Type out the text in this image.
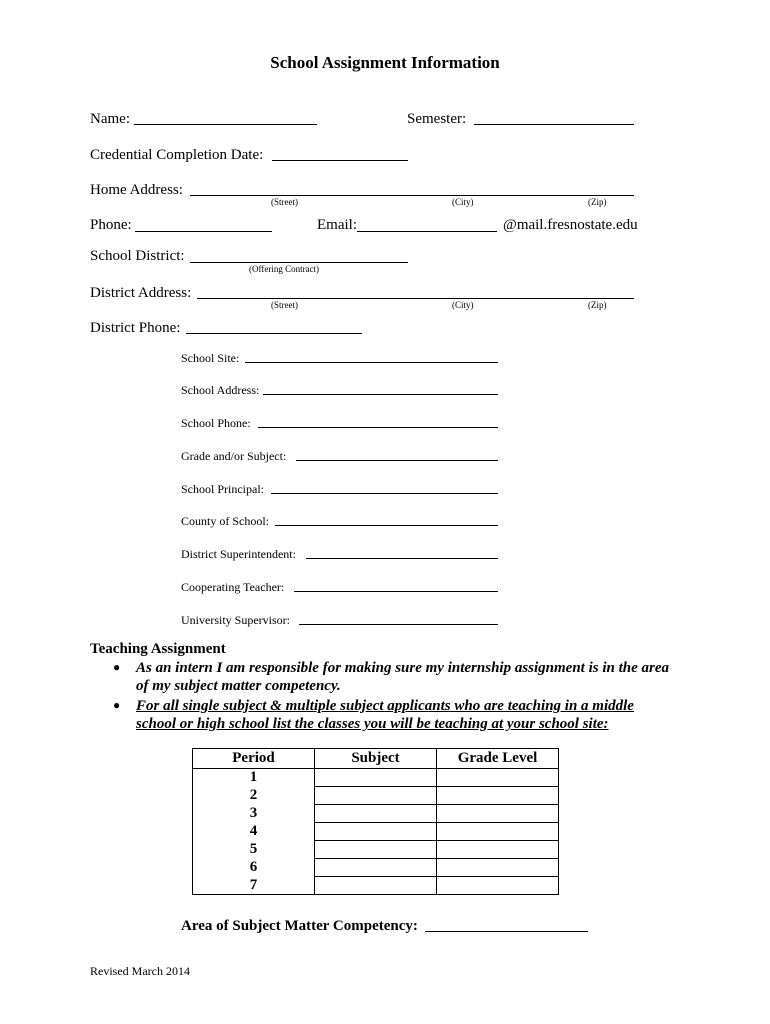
School Assignment Information
Name:	Semester:
Credential Completion Date:
Home Address:
(Street)	(City)	(Zip)
Phone:	Email:	@mail.fresnostate.edu
School District:
(Offering Contract)
District Address:
(Street)	(City)	(Zip)
District Phone:
School Site:
School Address:
School Phone:
Grade and/or Subject:
School Principal:
County of School:
District Superintendent:
Cooperating Teacher:
University Supervisor:
Teaching Assignment
● As an intern I am responsible for making sure my internship assignment is in the area
of my subject matter competency.
● For all single subject & multiple subject applicants who are teaching in a middle
school or high school list the classes you will be teaching at your school site:
Period	Subject	Grade Level
1		
2		
3		
4		
5		
6		
7		
Area of Subject Matter Competency:
Revised March 2014
